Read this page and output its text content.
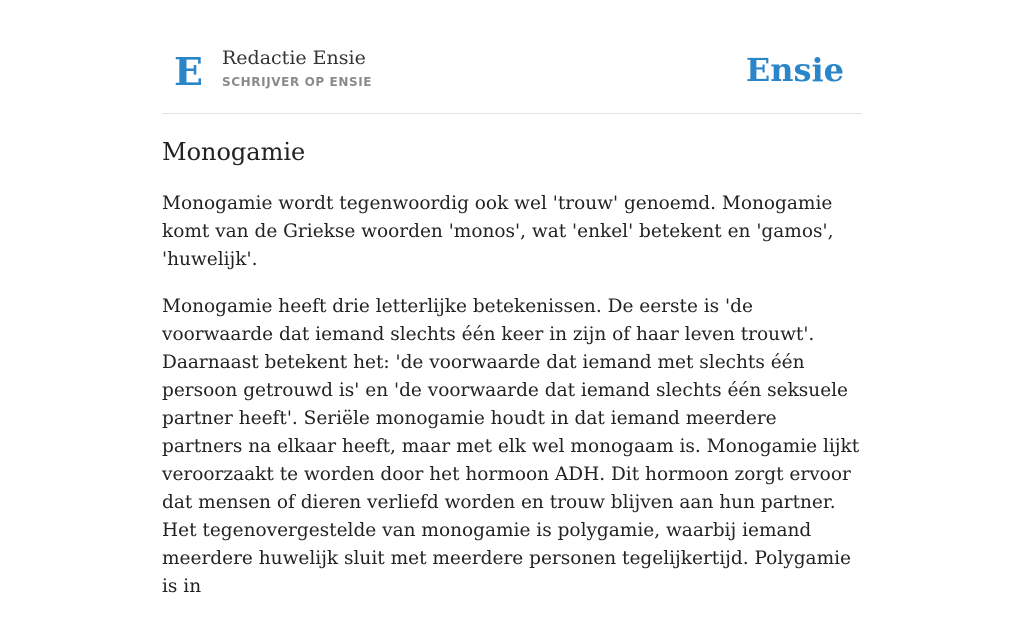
E Redactie Ensie
SCHRIJVER OP ENSIE	Ensie
Monogamie

Monogamie wordt tegenwoordig ook wel 'trouw' genoemd. Monogamie komt van de Griekse woorden 'monos', wat 'enkel' betekent en 'gamos', 'huwelijk'.

Monogamie heeft drie letterlijke betekenissen. De eerste is 'de voorwaarde dat iemand slechts één keer in zijn of haar leven trouwt'. Daarnaast betekent het: 'de voorwaarde dat iemand met slechts één persoon getrouwd is' en 'de voorwaarde dat iemand slechts één seksuele partner heeft'. Seriële monogamie houdt in dat iemand meerdere partners na elkaar heeft, maar met elk wel monogaam is. Monogamie lijkt veroorzaakt te worden door het hormoon ADH. Dit hormoon zorgt ervoor dat mensen of dieren verliefd worden en trouw blijven aan hun partner. Het tegenovergestelde van monogamie is polygamie, waarbij iemand meerdere huwelijk sluit met meerdere personen tegelijkertijd. Polygamie is in
